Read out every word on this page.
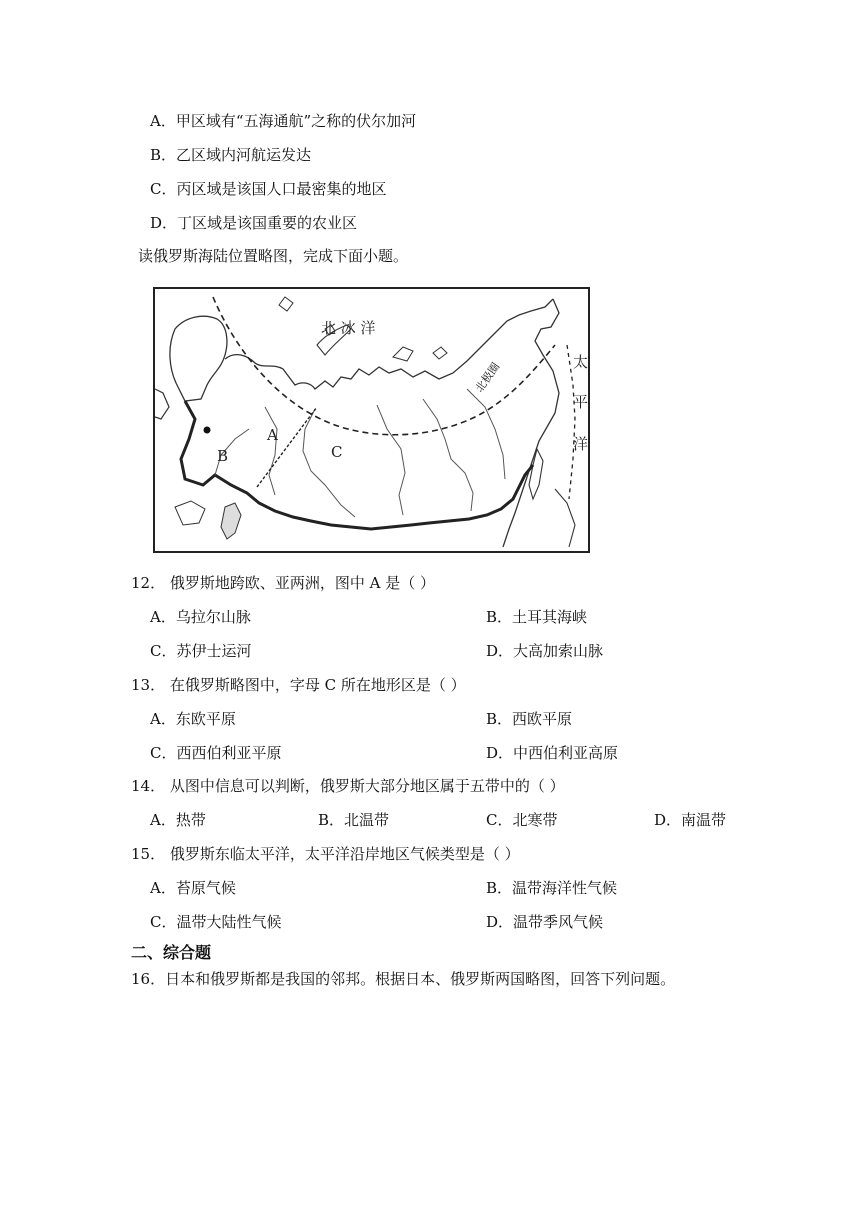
A．甲区域有“五海通航”之称的伏尔加河
B．乙区域内河航运发达
C．丙区域是该国人口最密集的地区
D．丁区域是该国重要的农业区
读俄罗斯海陆位置略图，完成下面小题。
北 冰 洋
太
平
洋
北极圈
A
B	C
12． 俄罗斯地跨欧、亚两洲，图中 A 是（ ）
A．乌拉尔山脉	B．土耳其海峡
C．苏伊士运河	D．大高加索山脉
13． 在俄罗斯略图中，字母 C 所在地形区是（ ）
A．东欧平原	B．西欧平原
C．西西伯利亚平原	D．中西伯利亚高原
14． 从图中信息可以判断，俄罗斯大部分地区属于五带中的（ ）
A．热带	B．北温带	C．北寒带	D．南温带
15． 俄罗斯东临太平洋，太平洋沿岸地区气候类型是（ ）
A．苔原气候	B．温带海洋性气候
C．温带大陆性气候	D．温带季风气候
二、综合题
16．日本和俄罗斯都是我国的邻邦。根据日本、俄罗斯两国略图，回答下列问题。
